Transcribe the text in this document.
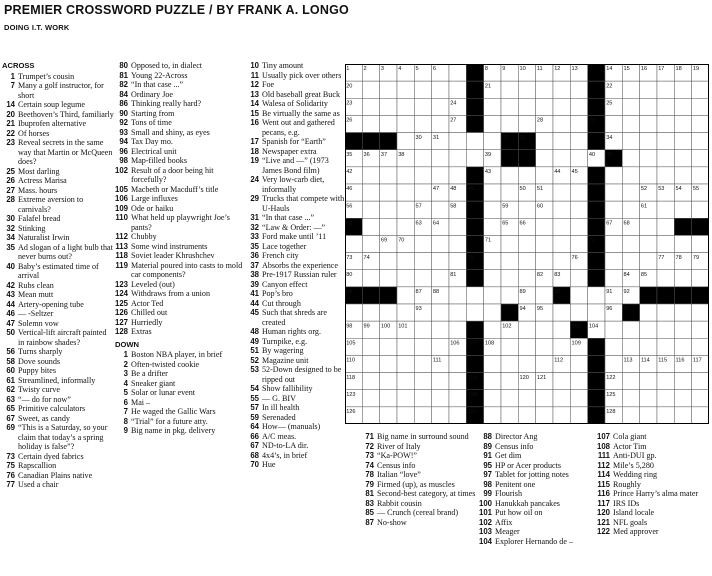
PREMIER CROSSWORD PUZZLE / BY FRANK A. LONGO
DOING I.T. WORK
ACROSS
1 Trumpet’s cousin
7 Many a golf instructor, for short
14 Certain soup legume
20 Beethoven’s Third, familiarly
21 Ibuprofen alternative
22 Of horses
23 Reveal secrets in the same way that Martin or McQueen does?
25 Most darling
26 Actress Marisa
27 Mass. hours
28 Extreme aversion to carnivals?
30 Falafel bread
32 Stinking
34 Naturalist Irwin
35 Ad slogan of a light bulb that never burns out?
40 Baby’s estimated time of arrival
42 Rubs clean
43 Mean mutt
44 Artery-opening tube
46 — -Seltzer
47 Solemn vow
50 Vertical-lift aircraft painted in rainbow shades?
56 Turns sharply
58 Dove sounds
60 Puppy bites
61 Streamlined, informally
62 Twisty curve
63 “— do for now”
65 Primitive calculators
67 Sweet, as candy
69 “This is a Saturday, so your claim that today’s a spring holiday is false”?
73 Certain dyed fabrics
75 Rapscallion
76 Canadian Plains native
77 Used a chair
80 Opposed to, in dialect
81 Young 22-Across
82 “In that case ...”
84 Ordinary Joe
86 Thinking really hard?
90 Starting from
92 Tons of time
93 Small and shiny, as eyes
94 Tax Day mo.
96 Electrical unit
98 Map-filled books
102 Result of a door being hit forcefully?
105 Macbeth or Macduff’s title
106 Large influxes
109 Ode or haiku
110 What held up playwright Joe’s pants?
112 Chubby
113 Some wind instruments
118 Soviet leader Khrushchev
119 Material poured into casts to mold car components?
123 Leveled (out)
124 Withdraws from a union
125 Actor Ted
126 Chilled out
127 Hurriedly
128 Extras
DOWN
1 Boston NBA player, in brief
2 Often-twisted cookie
3 Be a drifter
4 Sneaker giant
5 Solar or lunar event
6 Mai –
7 He waged the Gallic Wars
8 “Trial” for a future atty.
9 Big name in pkg. delivery
10 Tiny amount
11 Usually pick over others
12 Foe
13 Old baseball great Buck
14 Walesa of Solidarity
15 Be virtually the same as
16 Went out and gathered pecans, e.g.
17 Spanish for “Earth”
18 Newspaper extra
19 “Live and —” (1973 James Bond film)
24 Very low-carb diet, informally
29 Trucks that compete with U-Hauls
31 “In that case ...”
32 “Law & Order: —”
33 Ford make until ’11
35 Lace together
36 French city
37 Absorbs the experience
38 Pre-1917 Russian ruler
39 Canyon effect
41 Pop’s bro
44 Cut through
45 Such that shreds are created
48 Human rights org.
49 Turnpike, e.g.
51 By wagering
52 Magazine unit
53 52-Down designed to be ripped out
54 Show fallibility
55 — G. BIV
57 In ill health
59 Serenaded
64 How— (manuals)
66 A/C meas.
67 ND-to-LA dir.
68 4x4’s, in brief
70 Hue
71 Big name in surround sound
72 River of Italy
73 “Ka-POW!”
74 Census info
78 Italian “love”
79 Firmed (up), as muscles
81 Second-best category, at times
83 Rabbit cousin
85 — Crunch (cereal brand)
87 No-show
88 Director Ang
89 Census info
91 Get dim
95 HP or Acer products
97 Tablet for jotting notes
98 Penitent one
99 Flourish
100 Hanukkah pancakes
101 Put how oil on
102 Affix
103 Meager
104 Explorer Hernando de –
107 Cola giant
108 Actor Tim
111 Anti-DUI gp.
112 Mile’s 5,280
114 Wedding ring
115 Roughly
116 Prince Harry’s alma mater
117 IRS IDs
120 Island locale
121 NFL goals
122 Med approver
1	2	3	4	5	6	7	8	9	10 11 12 13	14 15 16 17 18 19
20	21	22
23	24	25
26	27	28	29
30 31	32 33	34
35 36 37 38	39	40 41
42	43	44 45
46	47 48 49	50 51	52 53 54 55
56	57	58	59	60	61
62	63 64	65 66	67 68
69 70	71	72
73 74	75	76	77 78 79
80	81	82 83	84 85
86	87 88	89	90	91 92
93	94 95	96 97
98 99 100 101	102	103 104
105	106 107 108	109
110	111	112	113 114 115 116 117
118	119	120 121	122
123	124	125
126	127	128
